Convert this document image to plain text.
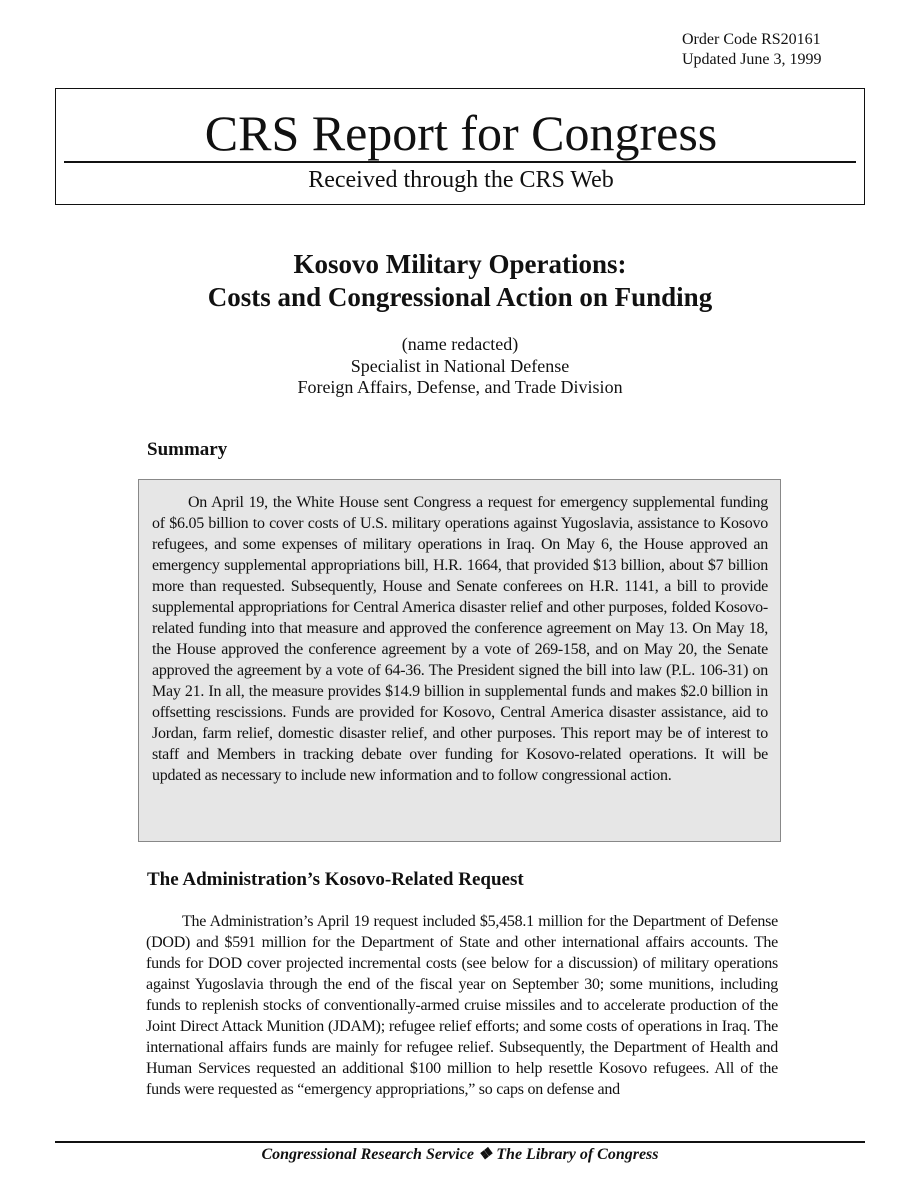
Order Code RS20161
Updated June 3, 1999
CRS Report for Congress
Received through the CRS Web
Kosovo Military Operations:
Costs and Congressional Action on Funding
(name redacted)
Specialist in National Defense
Foreign Affairs, Defense, and Trade Division
Summary

On April 19, the White House sent Congress a request for emergency supplemental funding of $6.05 billion to cover costs of U.S. military operations against Yugoslavia, assistance to Kosovo refugees, and some expenses of military operations in Iraq. On May 6, the House approved an emergency supplemental appropriations bill, H.R. 1664, that provided $13 billion, about $7 billion more than requested. Subsequently, House and Senate conferees on H.R. 1141, a bill to provide supplemental appropriations for Central America disaster relief and other purposes, folded Kosovo-related funding into that measure and approved the conference agreement on May 13. On May 18, the House approved the conference agreement by a vote of 269-158, and on May 20, the Senate approved the agreement by a vote of 64-36. The President signed the bill into law (P.L. 106-31) on May 21. In all, the measure provides $14.9 billion in supplemental funds and makes $2.0 billion in offsetting rescissions. Funds are provided for Kosovo, Central America disaster assistance, aid to Jordan, farm relief, domestic disaster relief, and other purposes. This report may be of interest to staff and Members in tracking debate over funding for Kosovo-related operations. It will be updated as necessary to include new information and to follow congressional action.

The Administration’s Kosovo-Related Request

The Administration’s April 19 request included $5,458.1 million for the Department of Defense (DOD) and $591 million for the Department of State and other international affairs accounts. The funds for DOD cover projected incremental costs (see below for a discussion) of military operations against Yugoslavia through the end of the fiscal year on September 30; some munitions, including funds to replenish stocks of conventionally-armed cruise missiles and to accelerate production of the Joint Direct Attack Munition (JDAM); refugee relief efforts; and some costs of operations in Iraq. The international affairs funds are mainly for refugee relief. Subsequently, the Department of Health and Human Services requested an additional $100 million to help resettle Kosovo refugees. All of the funds were requested as “emergency appropriations,” so caps on defense and

Congressional Research Service ❖ The Library of Congress
